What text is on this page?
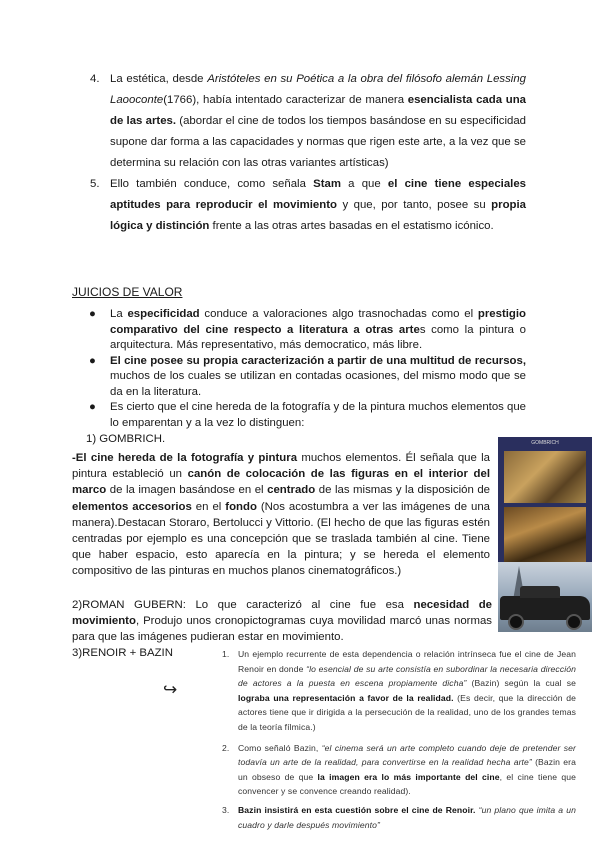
4. La estética, desde Aristóteles en su Poética a la obra del filósofo alemán Lessing Laooconte(1766), había intentado caracterizar de manera esencialista cada una de las artes. (abordar el cine de todos los tiempos basándose en su especificidad supone dar forma a las capacidades y normas que rigen este arte, a la vez que se determina su relación con las otras variantes artísticas)
5. Ello también conduce, como señala Stam a que el cine tiene especiales aptitudes para reproducir el movimiento y que, por tanto, posee su propia lógica y distinción frente a las otras artes basadas en el estatismo icónico.
JUICIOS DE VALOR
● La especificidad conduce a valoraciones algo trasnochadas como el prestigio comparativo del cine respecto a literatura a otras artes como la pintura o arquitectura. Más representativo, más democratico, más libre.
● El cine posee su propia caracterización a partir de una multitud de recursos, muchos de los cuales se utilizan en contadas ocasiones, del mismo modo que se da en la literatura.
● Es cierto que el cine hereda de la fotografía y de la pintura muchos elementos que lo emparentan y a la vez lo distinguen:
1) GOMBRICH.
-El cine hereda de la fotografía y pintura muchos elementos. Él señala que la pintura estableció un canón de colocación de las figuras en el interior del marco de la imagen basándose en el centrado de las mismas y la disposición de elementos accesorios en el fondo (Nos acostumbra a ver las imágenes de una manera).Destacan Storaro, Bertolucci y Vittorio. (El hecho de que las figuras estén centradas por ejemplo es una concepción que se traslada también al cine. Tiene que haber espacio, esto aparecía en la pintura; y se hereda el elemento compositivo de las pinturas en muchos planos cinematográficos.)
GOMBRICH
2)ROMAN GUBERN: Lo que caracterizó al cine fue esa necesidad de movimiento, Produjo unos cronopictogramas cuya movilidad marcó unas normas para que las imágenes pudieran estar en movimiento.
3)RENOIR + BAZIN
↪
1. Un ejemplo recurrente de esta dependencia o relación intrínseca fue el cine de Jean Renoir en donde “lo esencial de su arte consistía en subordinar la necesaria dirección de actores a la puesta en escena propiamente dicha” (Bazin) según la cual se lograba una representación a favor de la realidad. (Es decir, que la dirección de actores tiene que ir dirigida a la persecución de la realidad, uno de los grandes temas de la teoría fílmica.)
2. Como señaló Bazin, “el cinema será un arte completo cuando deje de pretender ser todavía un arte de la realidad, para convertirse en la realidad hecha arte” (Bazin era un obseso de que la imagen era lo más importante del cine, el cine tiene que convencer y se convence creando realidad).
3. Bazin insistirá en esta cuestión sobre el cine de Renoir. “un plano que imita a un cuadro y darle después movimiento”
